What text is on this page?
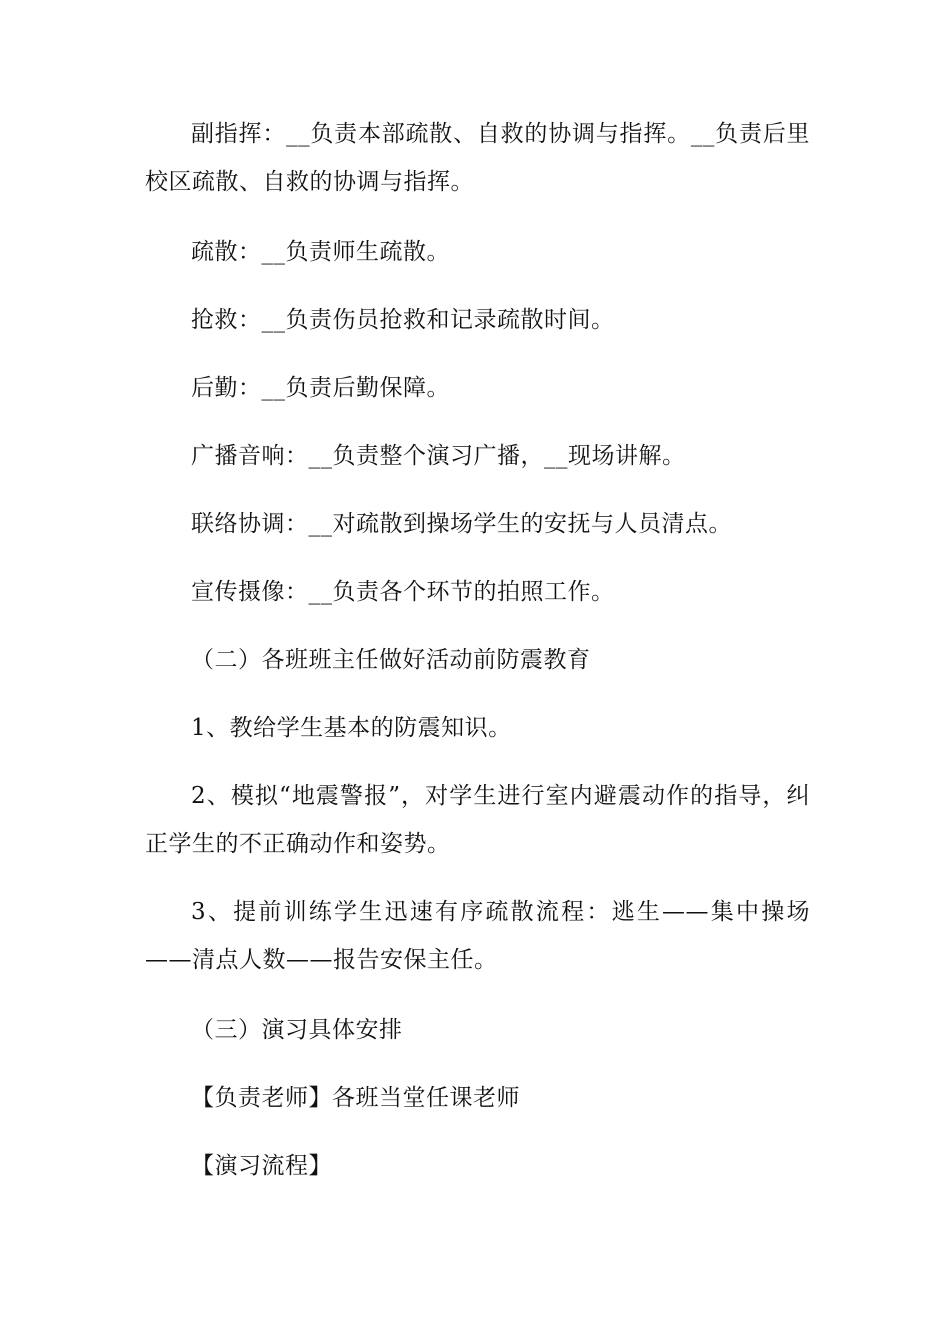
副指挥：__负责本部疏散、自救的协调与指挥。__负责后里校区疏散、自救的协调与指挥。

疏散：__负责师生疏散。

抢救：__负责伤员抢救和记录疏散时间。

后勤：__负责后勤保障。

广播音响：__负责整个演习广播，__现场讲解。

联络协调：__对疏散到操场学生的安抚与人员清点。

宣传摄像：__负责各个环节的拍照工作。

（二）各班班主任做好活动前防震教育

1、教给学生基本的防震知识。

2、模拟“地震警报”，对学生进行室内避震动作的指导，纠正学生的不正确动作和姿势。

3、提前训练学生迅速有序疏散流程：逃生——集中操场——清点人数——报告安保主任。

（三）演习具体安排

【负责老师】各班当堂任课老师

【演习流程】
